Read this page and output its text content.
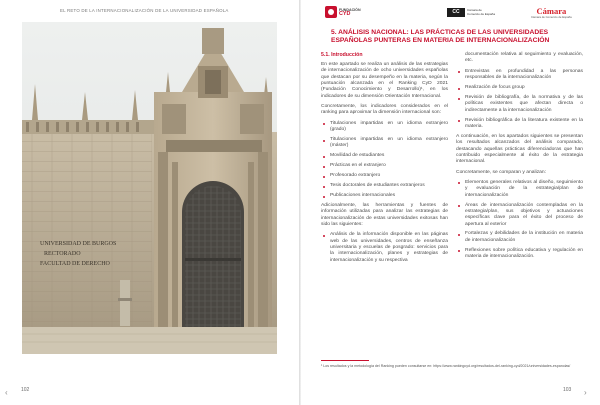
EL RETO DE LA INTERNACIONALIZACIÓN DE LA UNIVERSIDAD ESPAÑOLA
UNIVERSIDAD DE BURGOS
RECTORADO
FACULTAD DE DERECHO
‹	102
FUNDACIÓN
CYD	CC	Cámara de Comercio de España	Cámara
Cámara de Comercio de España
5. ANÁLISIS NACIONAL: LAS PRÁCTICAS DE LAS UNIVERSIDADES ESPAÑOLAS PUNTERAS EN MATERIA DE INTERNACIONALIZACIÓN
5.1. Introducción

En este apartado se realiza un análisis de las estrategias de internacionalización de ocho universidades españolas que destacan por su desempeño en la materia, según la puntuación alcanzada en el Ranking CyD 2021 (Fundación Conocimiento y Desarrollo)¹, en los indicadores de su dimensión Orientación Internacional.

Concretamente, los indicadores considerados en el ranking para aproximar la dimensión internacional son:

Titulaciones impartidas en un idioma extranjero (grado)
Titulaciones impartidas en un idioma extranjero (máster)
Movilidad de estudiantes
Prácticas en el extranjero
Profesorado extranjero
Tesis doctorales de estudiantes extranjeros
Publicaciones internacionales

Adicionalmente, las herramientas y fuentes de información utilizadas para analizar las estrategias de internacionalización de estas universidades exitosas han sido las siguientes:

Análisis de la información disponible en las páginas web de las universidades, centros de enseñanza universitaria y escuelas de posgrado: servicios para la internacionalización, planes y estrategias de internacionalización y su respectiva

documentación relativa al seguimiento y evaluación, etc.

Entrevistas en profundidad a las personas responsables de la internacionalización
Realización de focus group
Revisión de bibliografía, de la normativa y de las políticas existentes que afectan directa o indirectamente a la internacionalización
Revisión bibliográfica de la literatura existente en la materia.

A continuación, en los apartados siguientes se presentan los resultados alcanzados del análisis comparado, destacando aquellas prácticas diferenciadoras que han contribuido especialmente al éxito de la estrategia internacional.

Concretamente, se comparan y analizan:

Elementos generales relativos al diseño, seguimiento y evaluación de la estrategia/plan de internacionalización
Áreas de internacionalización contempladas en la estrategia/plan, sus objetivos y actuaciones específicas clave para el éxito del proceso de apertura al exterior
Fortalezas y debilidades de la institución en materia de internacionalización
Reflexiones sobre política educativa y regulación en materia de internacionalización.
¹ Los resultados y la metodología del Ranking pueden consultarse en: https://www.rankingcyd.org/resultados-del-ranking-cyd/2021/universidades-espanolas/
103 ›
